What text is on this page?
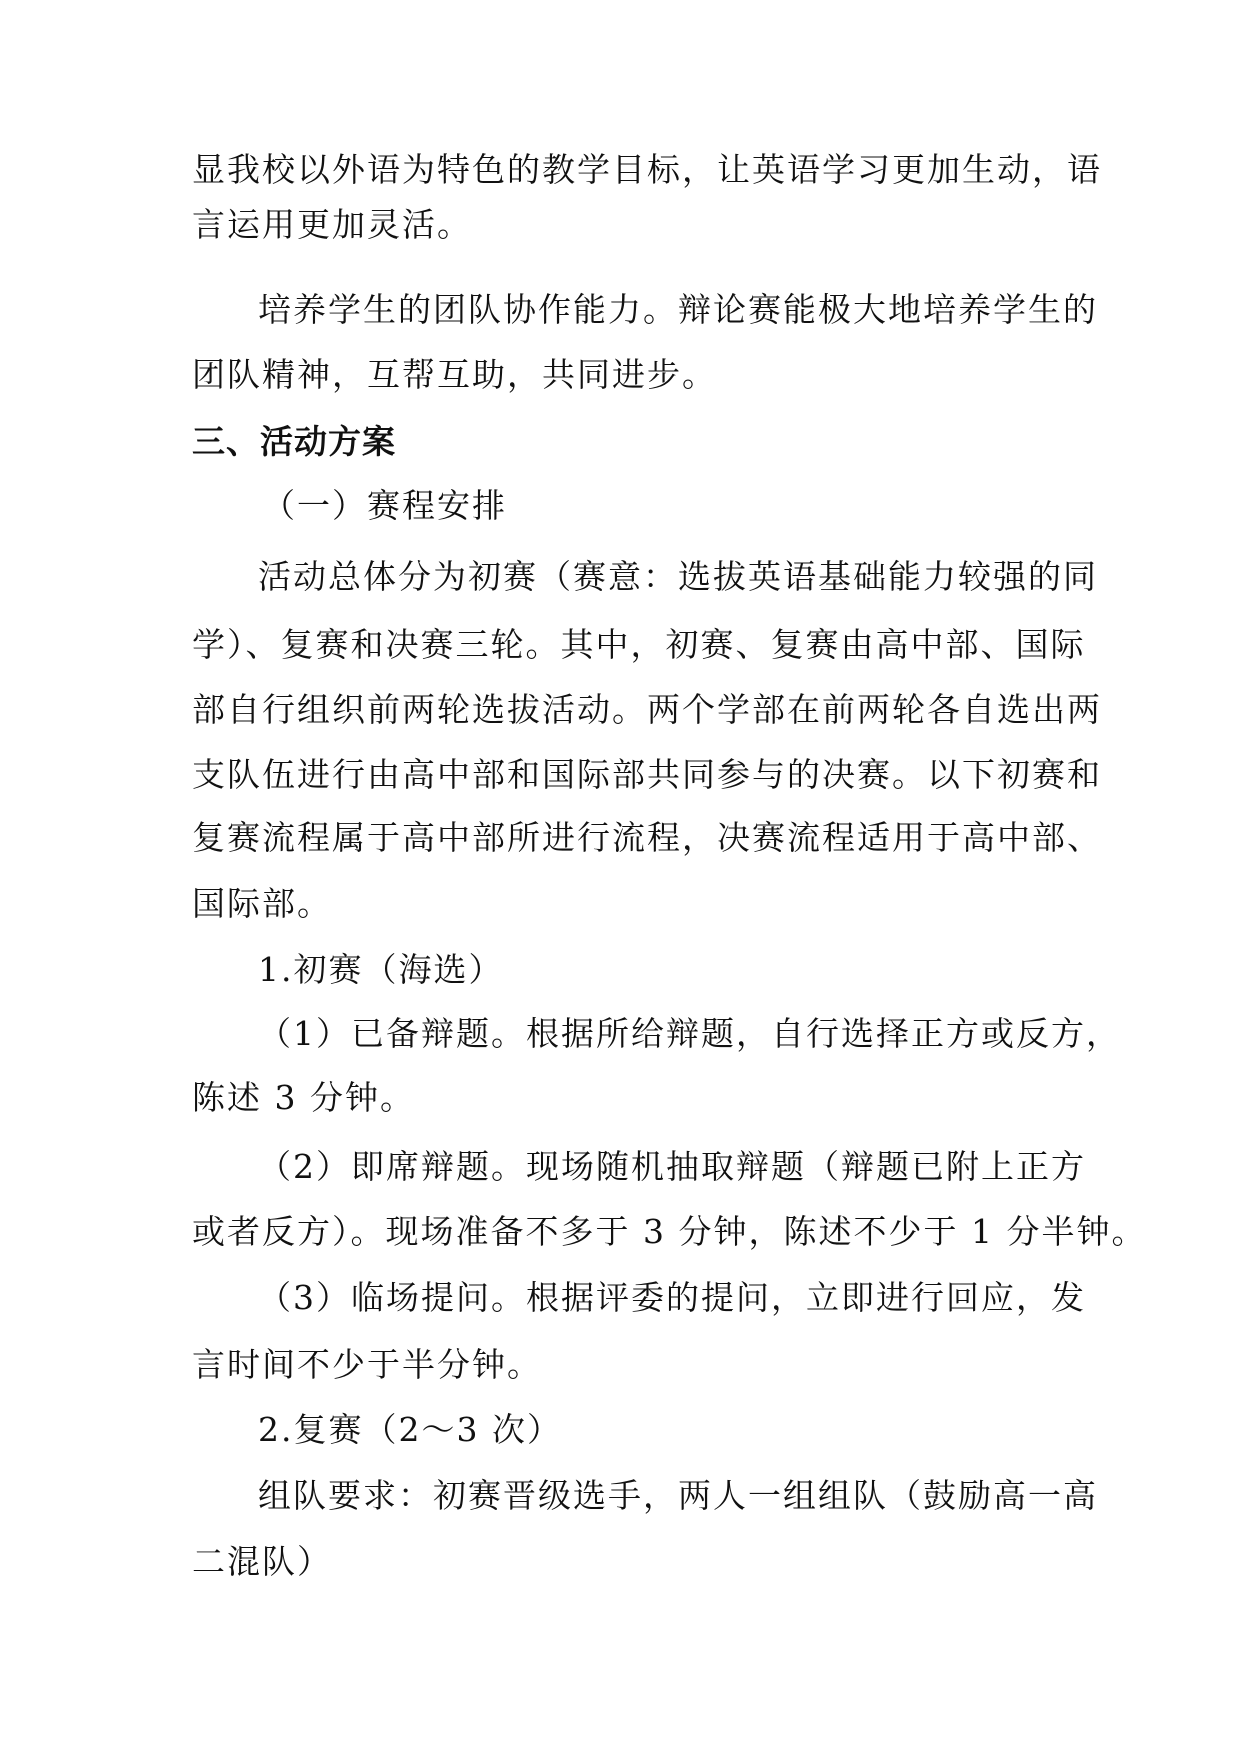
显我校以外语为特色的教学目标，让英语学习更加生动，语
言运用更加灵活。
培养学生的团队协作能力。辩论赛能极大地培养学生的
团队精神，互帮互助，共同进步。
三、活动方案
（一）赛程安排
活动总体分为初赛（赛意：选拔英语基础能力较强的同
学）、复赛和决赛三轮。其中，初赛、复赛由高中部、国际
部自行组织前两轮选拔活动。两个学部在前两轮各自选出两
支队伍进行由高中部和国际部共同参与的决赛。以下初赛和
复赛流程属于高中部所进行流程，决赛流程适用于高中部、
国际部。
1.初赛（海选）
（1）已备辩题。根据所给辩题，自行选择正方或反方，
陈述 3 分钟。
（2）即席辩题。现场随机抽取辩题（辩题已附上正方
或者反方）。现场准备不多于 3 分钟，陈述不少于 1 分半钟。
（3）临场提问。根据评委的提问，立即进行回应，发
言时间不少于半分钟。
2.复赛（2～3 次）
组队要求：初赛晋级选手，两人一组组队（鼓励高一高
二混队）
